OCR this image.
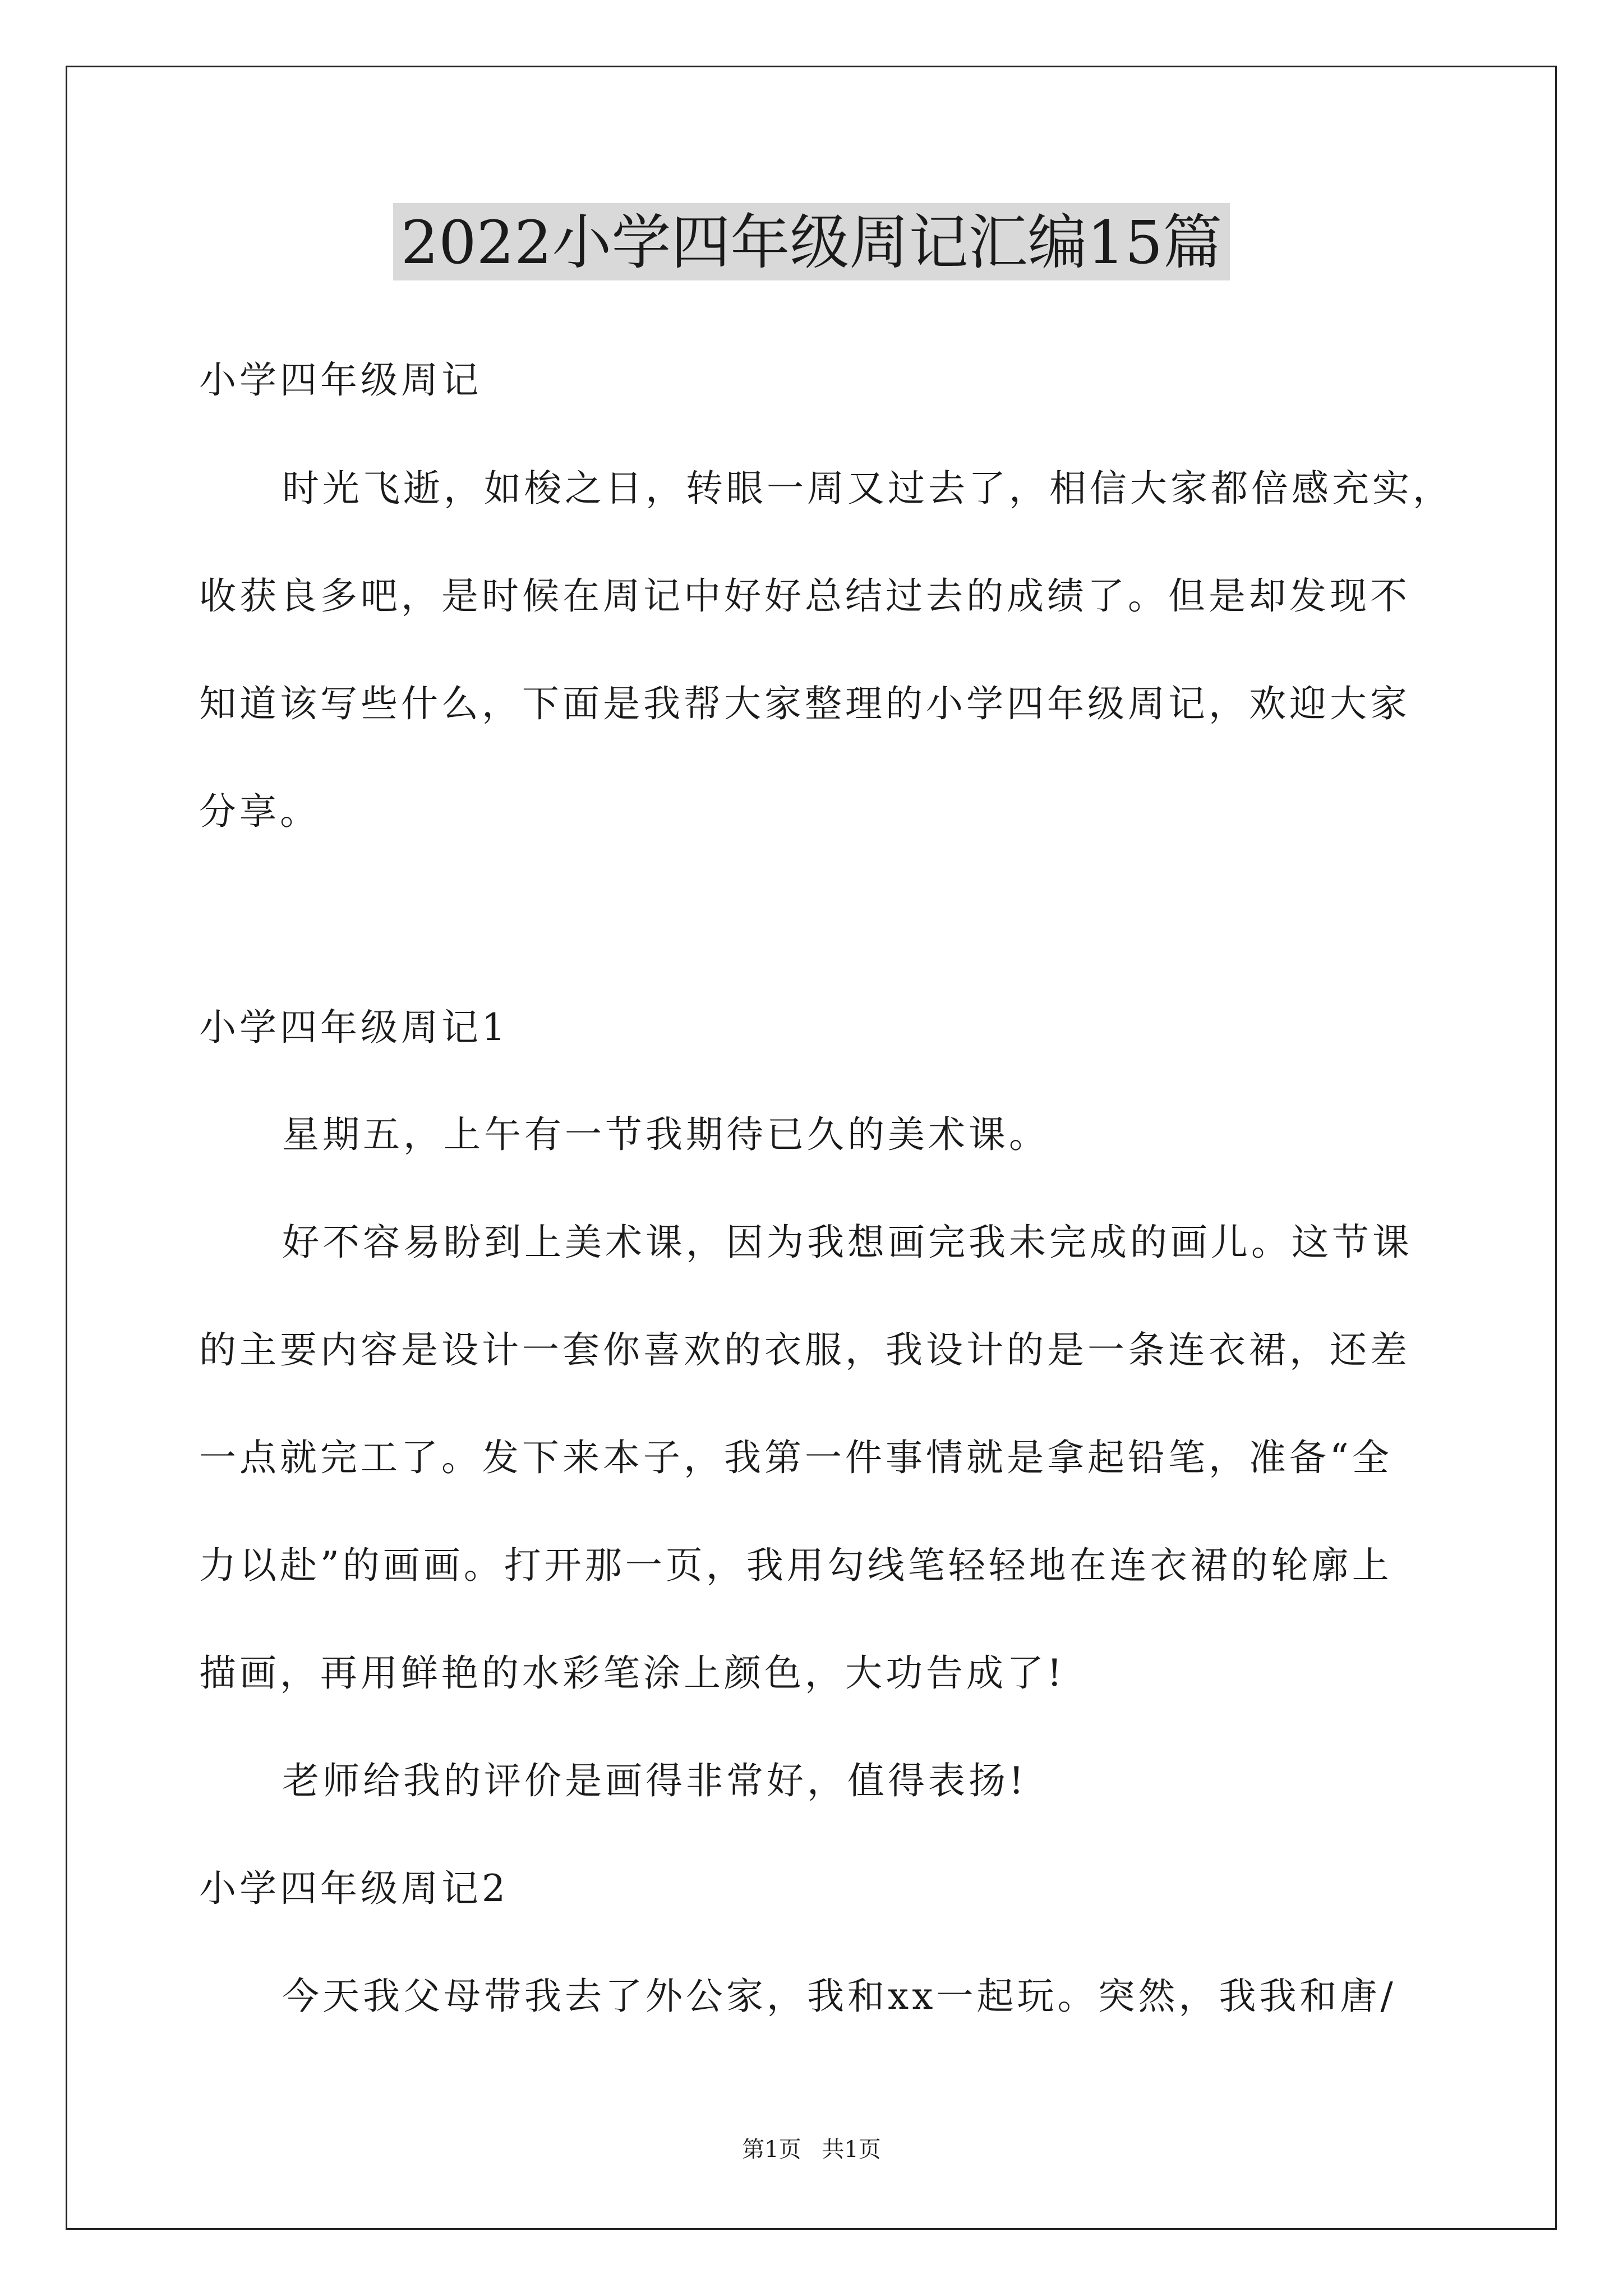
2022小学四年级周记汇编15篇
小学四年级周记
时光飞逝，如梭之日，转眼一周又过去了，相信大家都倍感充实，
收获良多吧，是时候在周记中好好总结过去的成绩了。但是却发现不
知道该写些什么，下面是我帮大家整理的小学四年级周记，欢迎大家
分享。
小学四年级周记1
星期五，上午有一节我期待已久的美术课。
好不容易盼到上美术课，因为我想画完我未完成的画儿。这节课
的主要内容是设计一套你喜欢的衣服，我设计的是一条连衣裙，还差
一点就完工了。发下来本子，我第一件事情就是拿起铅笔，准备“全
力以赴”的画画。打开那一页，我用勾线笔轻轻地在连衣裙的轮廓上
描画，再用鲜艳的水彩笔涂上颜色，大功告成了!
老师给我的评价是画得非常好，值得表扬!
小学四年级周记2
今天我父母带我去了外公家，我和xx一起玩。突然，我我和唐/
第1页 共1页
